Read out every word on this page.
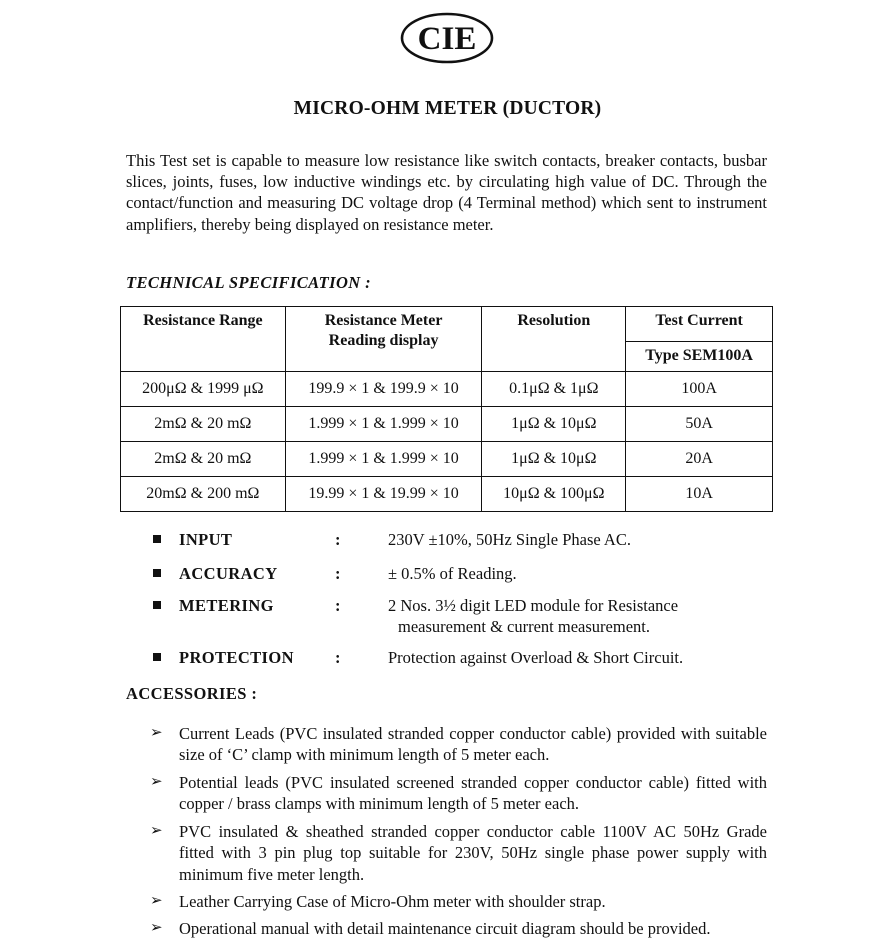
CIE
MICRO-OHM METER (DUCTOR)
This Test set is capable to measure low resistance like switch contacts, breaker contacts, busbar slices, joints, fuses, low inductive windings etc. by circulating high value of DC. Through the contact/function and measuring DC voltage drop (4 Terminal method) which sent to instrument amplifiers, thereby being displayed on resistance meter.
TECHNICAL SPECIFICATION :
Resistance Range	Resistance Meter Reading display	Resolution	Test Current
			Type SEM100A
200μΩ & 1999 μΩ	199.9 × 1 & 199.9 × 10	0.1μΩ & 1μΩ	100A
2mΩ & 20 mΩ	1.999 × 1 & 1.999 × 10	1μΩ & 10μΩ	50A
2mΩ & 20 mΩ	1.999 × 1 & 1.999 × 10	1μΩ & 10μΩ	20A
20mΩ & 200 mΩ	19.99 × 1 & 19.99 × 10	10μΩ & 100μΩ	10A
INPUT	:	230V ±10%, 50Hz Single Phase AC.
ACCURACY	:	± 0.5% of Reading.
METERING	:	2 Nos. 3½ digit LED module for Resistance
measurement & current measurement.
PROTECTION :	Protection against Overload & Short Circuit.
ACCESSORIES :
➢ Current Leads (PVC insulated stranded copper conductor cable) provided with suitable size of ‘C’ clamp with minimum length of 5 meter each.
➢ Potential leads (PVC insulated screened stranded copper conductor cable) fitted with copper / brass clamps with minimum length of 5 meter each.
➢ PVC insulated & sheathed stranded copper conductor cable 1100V AC 50Hz Grade fitted with 3 pin plug top suitable for 230V, 50Hz single phase power supply with minimum five meter length.
➢ Leather Carrying Case of Micro-Ohm meter with shoulder strap.
➢ Operational manual with detail maintenance circuit diagram should be provided.
